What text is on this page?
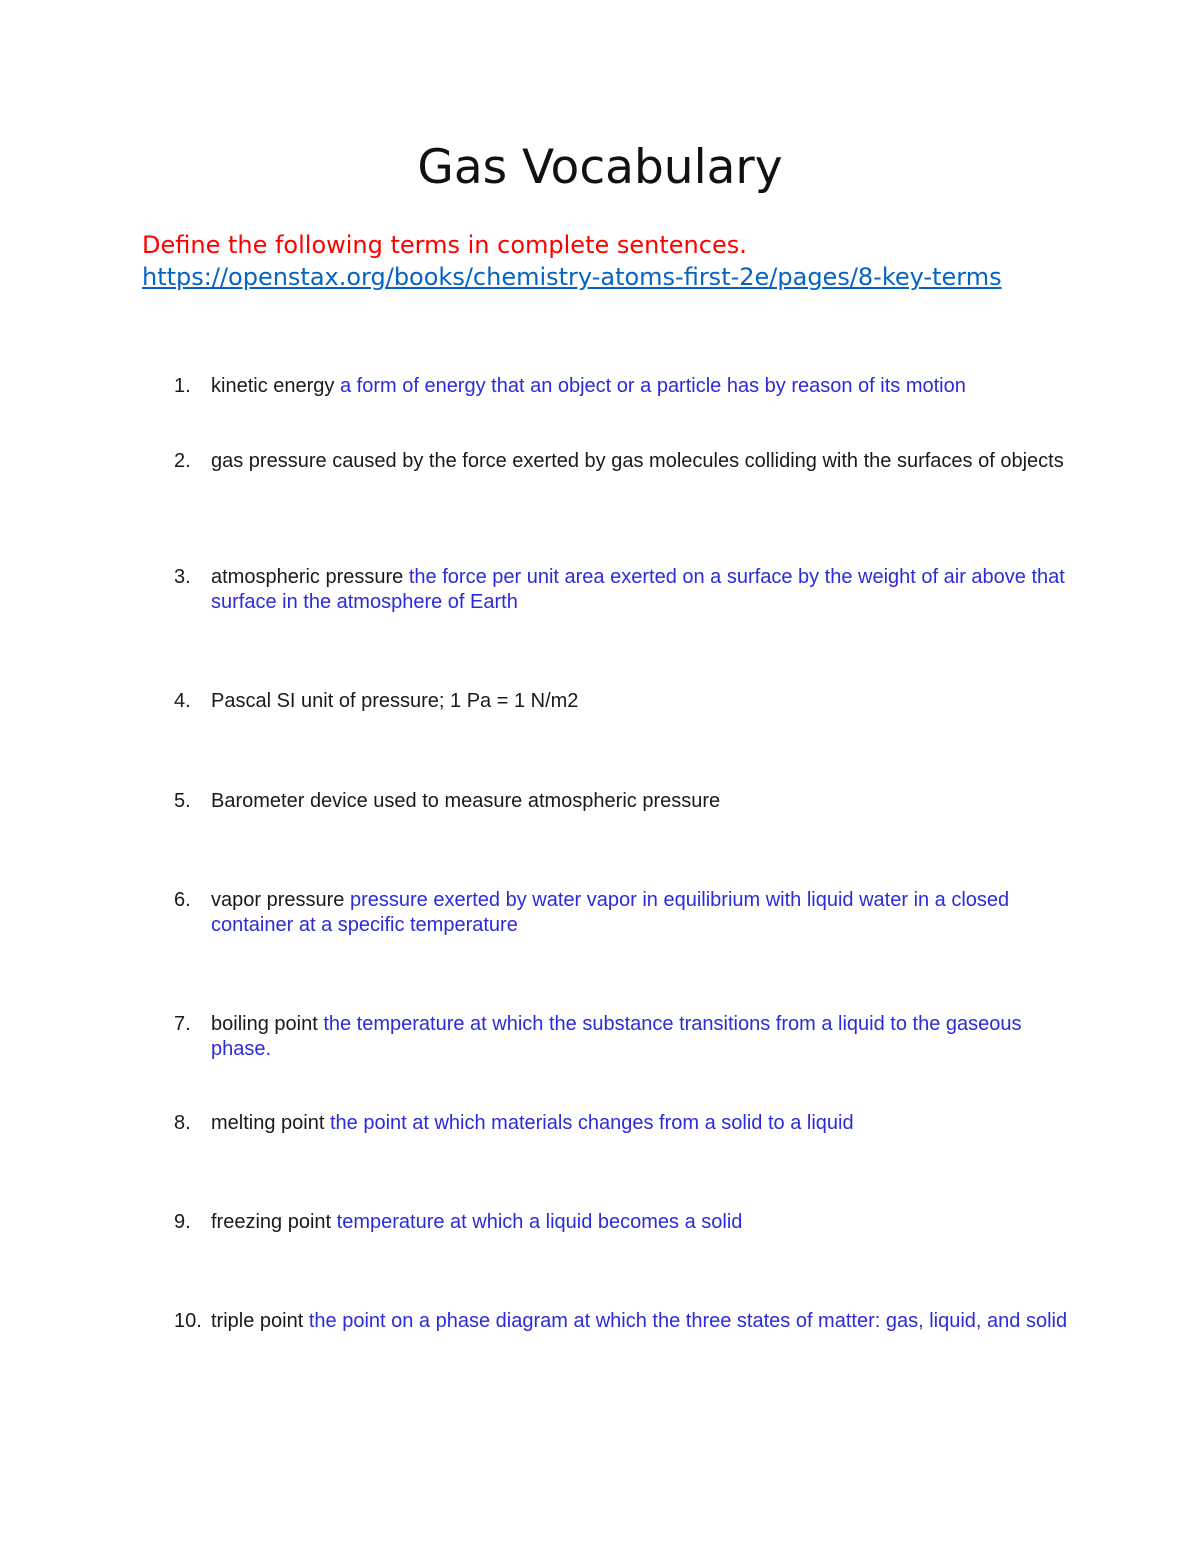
Gas Vocabulary
Define the following terms in complete sentences.
https://openstax.org/books/chemistry-atoms-first-2e/pages/8-key-terms
1.	kinetic energy a form of energy that an object or a particle has by reason of its motion
2.	gas pressure caused by the force exerted by gas molecules colliding with the surfaces of objects
3.	atmospheric pressure the force per unit area exerted on a surface by the weight of air above that surface in the atmosphere of Earth
4.	Pascal SI unit of pressure; 1 Pa = 1 N/m2
5.	Barometer device used to measure atmospheric pressure
6.	vapor pressure pressure exerted by water vapor in equilibrium with liquid water in a closed container at a specific temperature
7.	boiling point the temperature at which the substance transitions from a liquid to the gaseous phase.
8.	melting point the point at which materials changes from a solid to a liquid
9.	freezing point temperature at which a liquid becomes a solid
10. triple point the point on a phase diagram at which the three states of matter: gas, liquid, and solid
